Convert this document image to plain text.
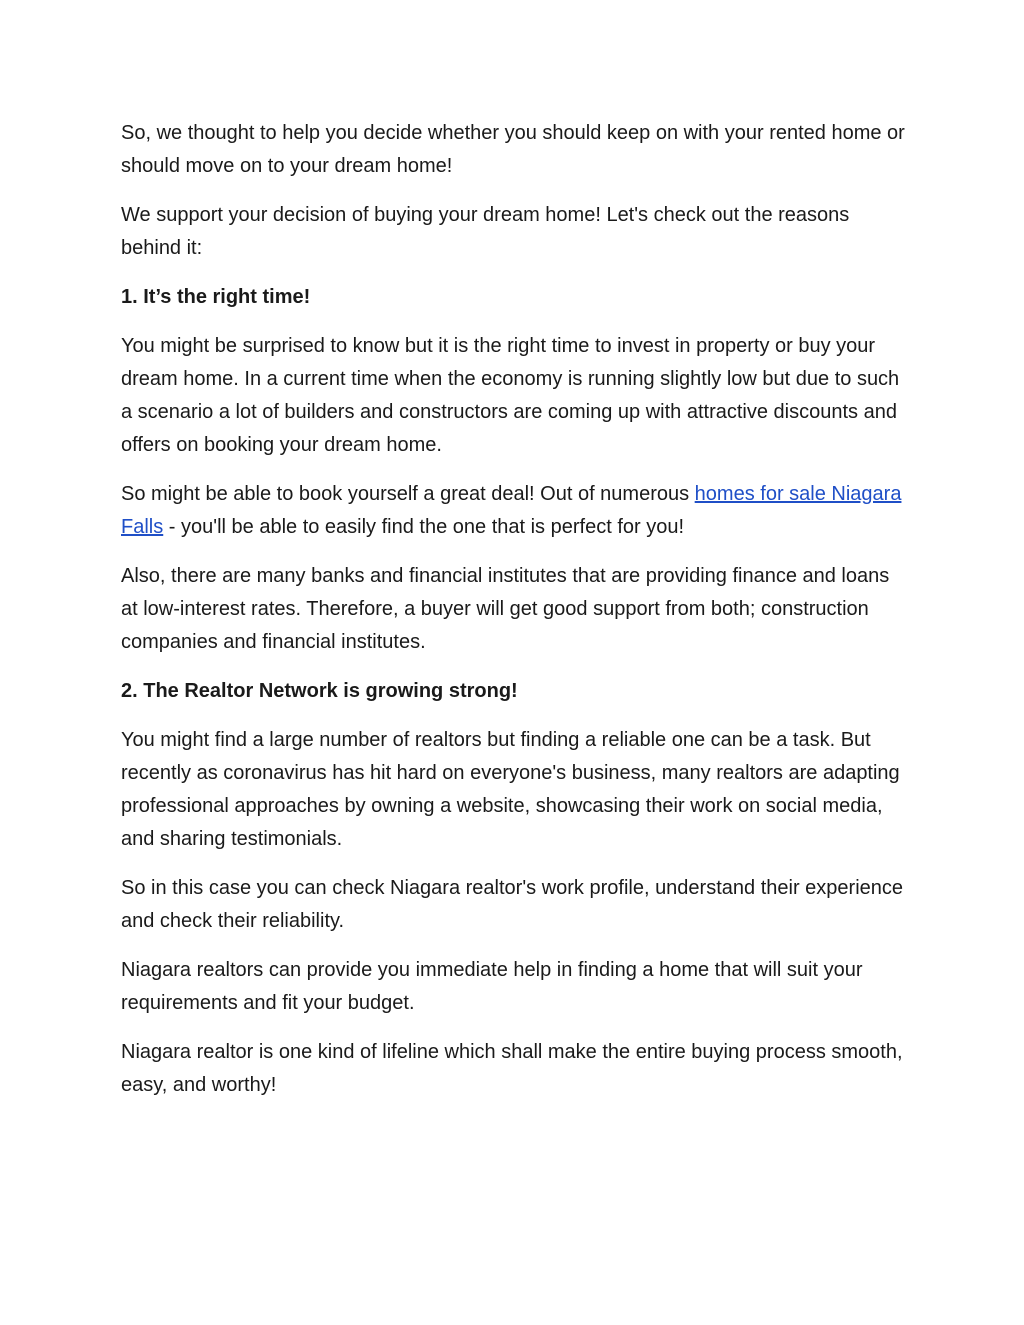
So, we thought to help you decide whether you should keep on with your rented home or should move on to your dream home!

We support your decision of buying your dream home! Let's check out the reasons behind it:

1. It’s the right time!

You might be surprised to know but it is the right time to invest in property or buy your dream home. In a current time when the economy is running slightly low but due to such a scenario a lot of builders and constructors are coming up with attractive discounts and offers on booking your dream home.

So might be able to book yourself a great deal! Out of numerous homes for sale Niagara Falls - you'll be able to easily find the one that is perfect for you!

Also, there are many banks and financial institutes that are providing finance and loans at low-interest rates. Therefore, a buyer will get good support from both; construction companies and financial institutes.

2. The Realtor Network is growing strong!

You might find a large number of realtors but finding a reliable one can be a task. But recently as coronavirus has hit hard on everyone's business, many realtors are adapting professional approaches by owning a website, showcasing their work on social media, and sharing testimonials.

So in this case you can check Niagara realtor's work profile, understand their experience and check their reliability.

Niagara realtors can provide you immediate help in finding a home that will suit your requirements and fit your budget.

Niagara realtor is one kind of lifeline which shall make the entire buying process smooth, easy, and worthy!
